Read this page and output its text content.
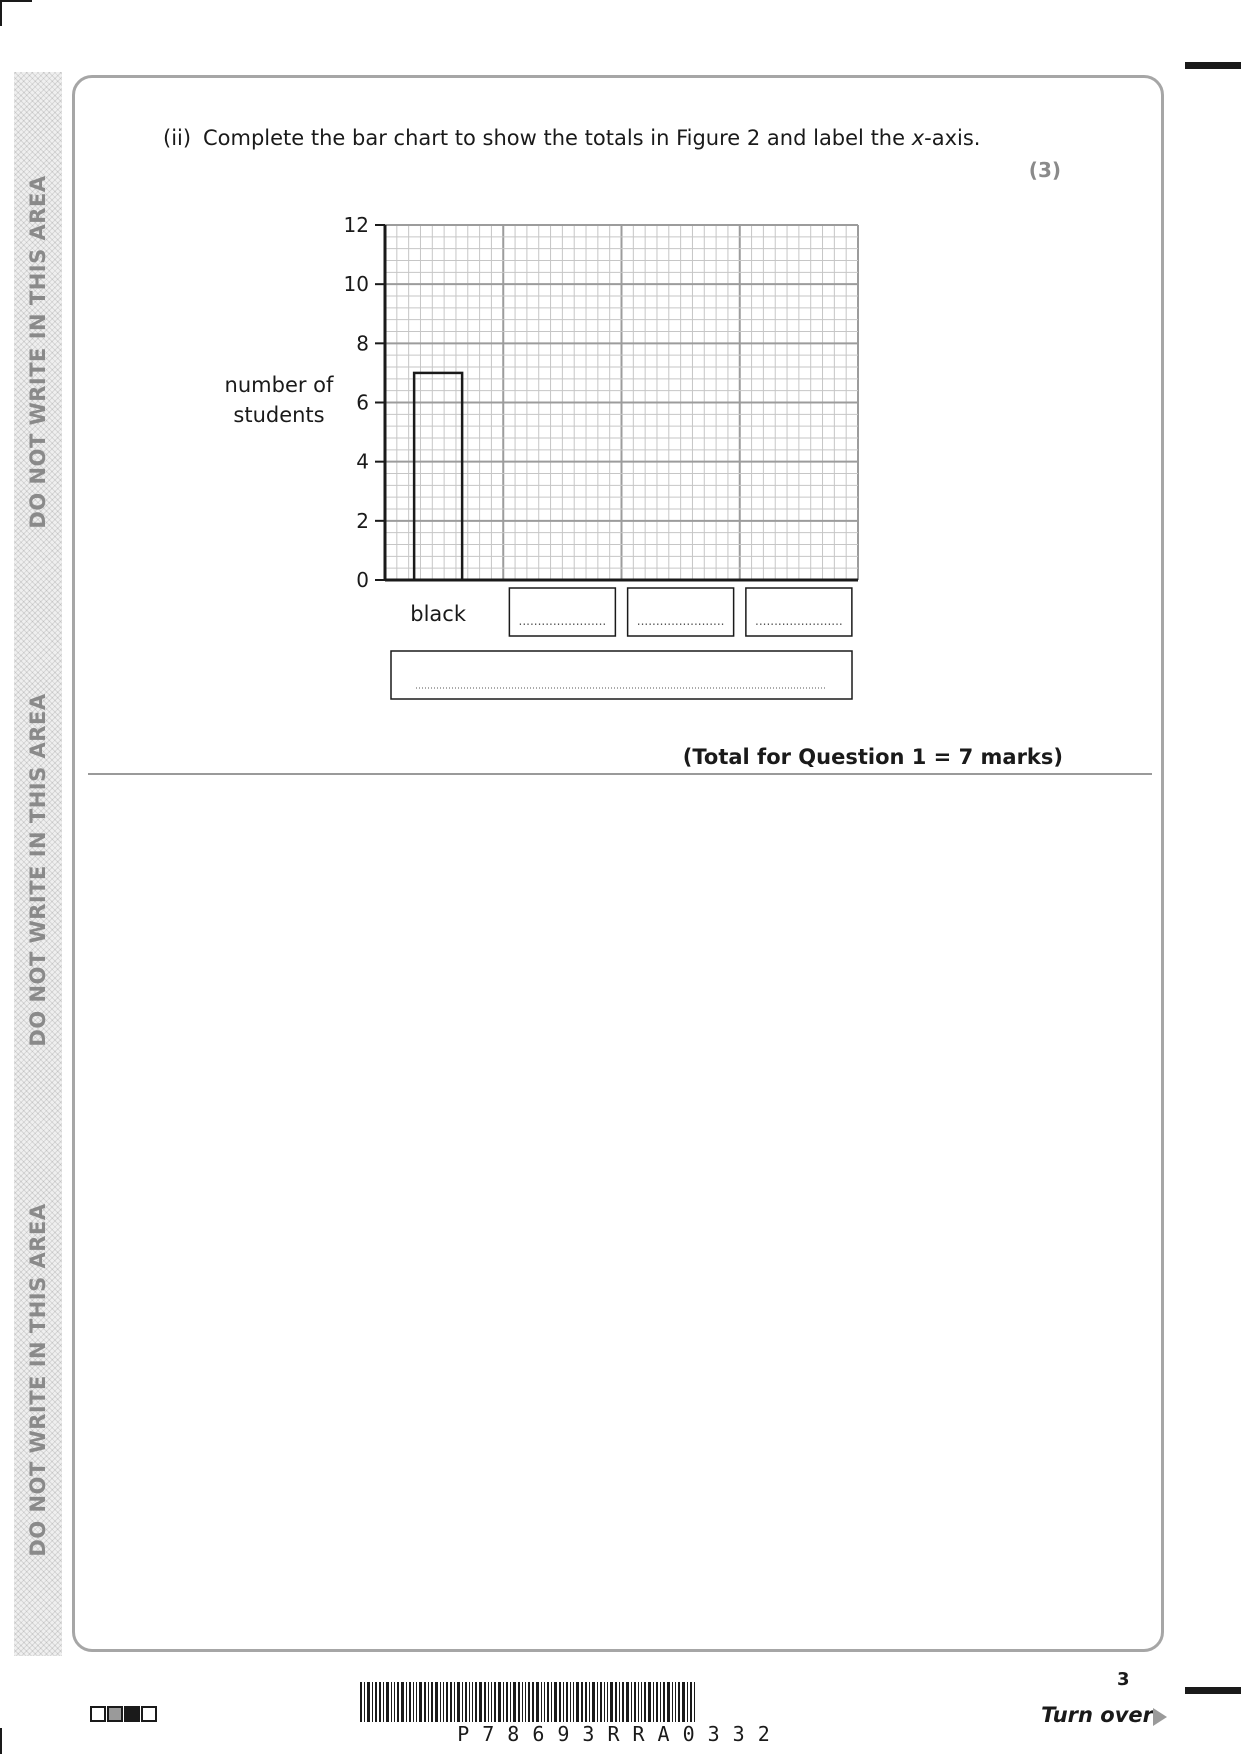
DO NOT WRITE IN THIS AREA
DO NOT WRITE IN THIS AREA
DO NOT WRITE IN THIS AREA
(ii) Complete the bar chart to show the totals in Figure 2 and label the x-axis.
(3)
0
2
4
6
8
10
12
number of
students
black	.......................	.......................	.......................
(Total for Question 1 = 7 marks)
P78693RRA0332
3
Turn over
